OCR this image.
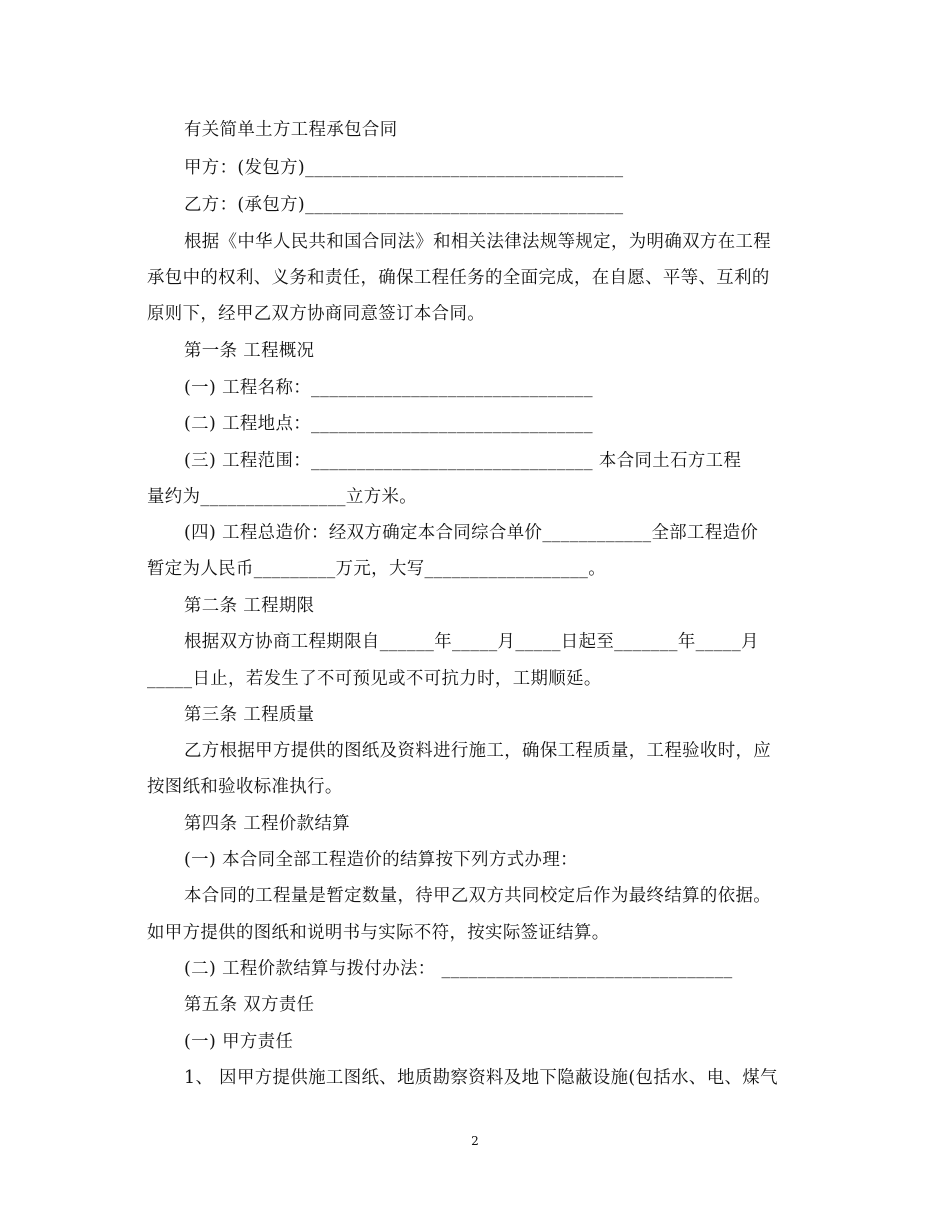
有关简单土方工程承包合同
甲方：(发包方)___________________________________
乙方：(承包方)___________________________________
根据《中华人民共和国合同法》和相关法律法规等规定，为明确双方在工程
承包中的权利、义务和责任，确保工程任务的全面完成，在自愿、平等、互利的
原则下，经甲乙双方协商同意签订本合同。
第一条 工程概况
(一) 工程名称：_______________________________
(二) 工程地点：_______________________________
(三) 工程范围：_______________________________ 本合同土石方工程
量约为________________立方米。
(四) 工程总造价：经双方确定本合同综合单价____________全部工程造价
暂定为人民币_________万元，大写__________________。
第二条 工程期限
根据双方协商工程期限自______年_____月_____日起至_______年_____月
_____日止，若发生了不可预见或不可抗力时，工期顺延。
第三条 工程质量
乙方根据甲方提供的图纸及资料进行施工，确保工程质量，工程验收时，应
按图纸和验收标准执行。
第四条 工程价款结算
(一) 本合同全部工程造价的结算按下列方式办理：
本合同的工程量是暂定数量，待甲乙双方共同校定后作为最终结算的依据。
如甲方提供的图纸和说明书与实际不符，按实际签证结算。
(二) 工程价款结算与拨付办法： ________________________________
第五条 双方责任
(一) 甲方责任
1、 因甲方提供施工图纸、地质勘察资料及地下隐蔽设施(包括水、电、煤气
2
